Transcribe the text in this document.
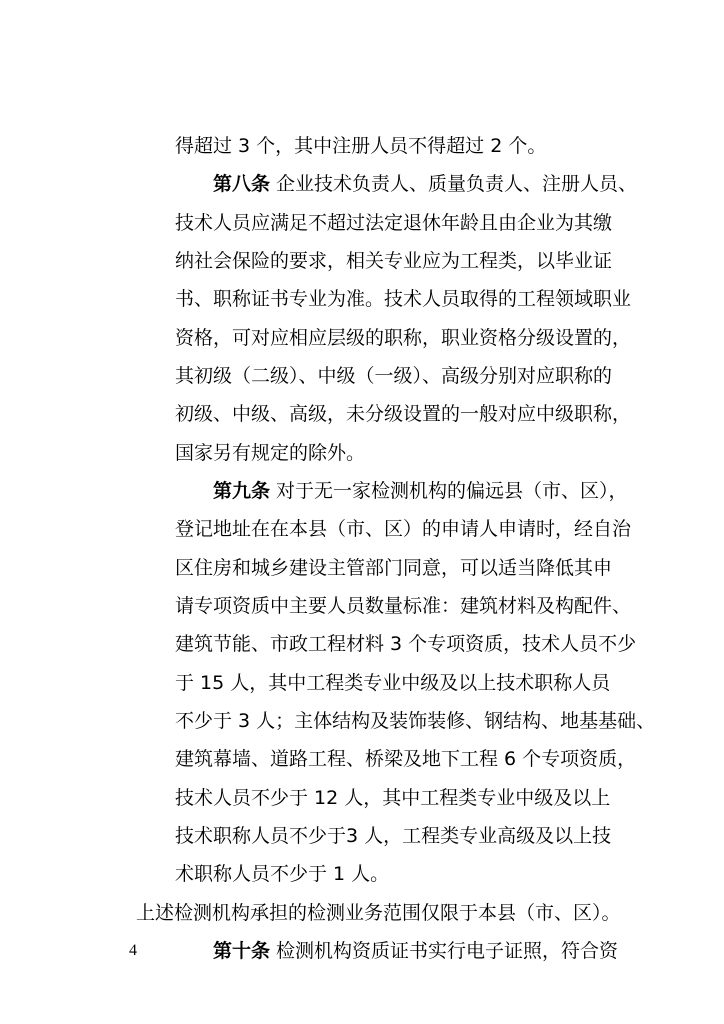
得超过 3 个，其中注册人员不得超过 2 个。
第八条 企业技术负责人、质量负责人、注册人员、
技术人员应满足不超过法定退休年龄且由企业为其缴
纳社会保险的要求，相关专业应为工程类，以毕业证
书、职称证书专业为准。技术人员取得的工程领域职业
资格，可对应相应层级的职称，职业资格分级设置的，
其初级（二级）、中级（一级）、高级分别对应职称的
初级、中级、高级，未分级设置的一般对应中级职称，
国家另有规定的除外。
第九条 对于无一家检测机构的偏远县（市、区），
登记地址在在本县（市、区）的申请人申请时，经自治
区住房和城乡建设主管部门同意，可以适当降低其申
请专项资质中主要人员数量标准：建筑材料及构配件、
建筑节能、市政工程材料 3 个专项资质，技术人员不少
于 15 人，其中工程类专业中级及以上技术职称人员
不少于 3 人；主体结构及装饰装修、钢结构、地基基础、
建筑幕墙、道路工程、桥梁及地下工程 6 个专项资质，
技术人员不少于 12 人，其中工程类专业中级及以上
技术职称人员不少于3 人，工程类专业高级及以上技
术职称人员不少于 1 人。
上述检测机构承担的检测业务范围仅限于本县（市、区）。
第十条 检测机构资质证书实行电子证照，符合资
4
